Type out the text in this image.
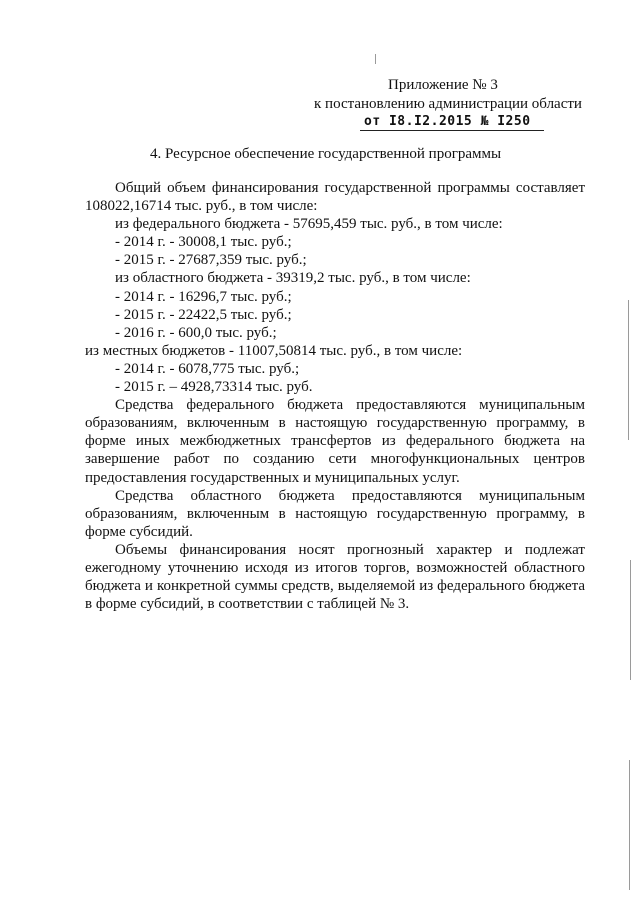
Приложение № 3
к постановлению администрации области
от I8.I2.2015 № I250
4. Ресурсное обеспечение государственной программы

Общий объем финансирования государственной программы составляет 108022,16714 тыс. руб., в том числе:

из федерального бюджета - 57695,459 тыс. руб., в том числе:

- 2014 г. - 30008,1 тыс. руб.;

- 2015 г. - 27687,359 тыс. руб.;

из областного бюджета - 39319,2 тыс. руб., в том числе:

- 2014 г. - 16296,7 тыс. руб.;

- 2015 г. - 22422,5 тыс. руб.;

- 2016 г. - 600,0 тыс. руб.;

из местных бюджетов - 11007,50814 тыс. руб., в том числе:

- 2014 г. - 6078,775 тыс. руб.;

- 2015 г. – 4928,73314 тыс. руб.

Средства федерального бюджета предоставляются муниципальным образованиям, включенным в настоящую государственную программу, в форме иных межбюджетных трансфертов из федерального бюджета на завершение работ по созданию сети многофункциональных центров предоставления государственных и муниципальных услуг.

Средства областного бюджета предоставляются муниципальным образованиям, включенным в настоящую государственную программу, в форме субсидий.

Объемы финансирования носят прогнозный характер и подлежат ежегодному уточнению исходя из итогов торгов, возможностей областного бюджета и конкретной суммы средств, выделяемой из федерального бюджета в форме субсидий, в соответствии с таблицей № 3.
